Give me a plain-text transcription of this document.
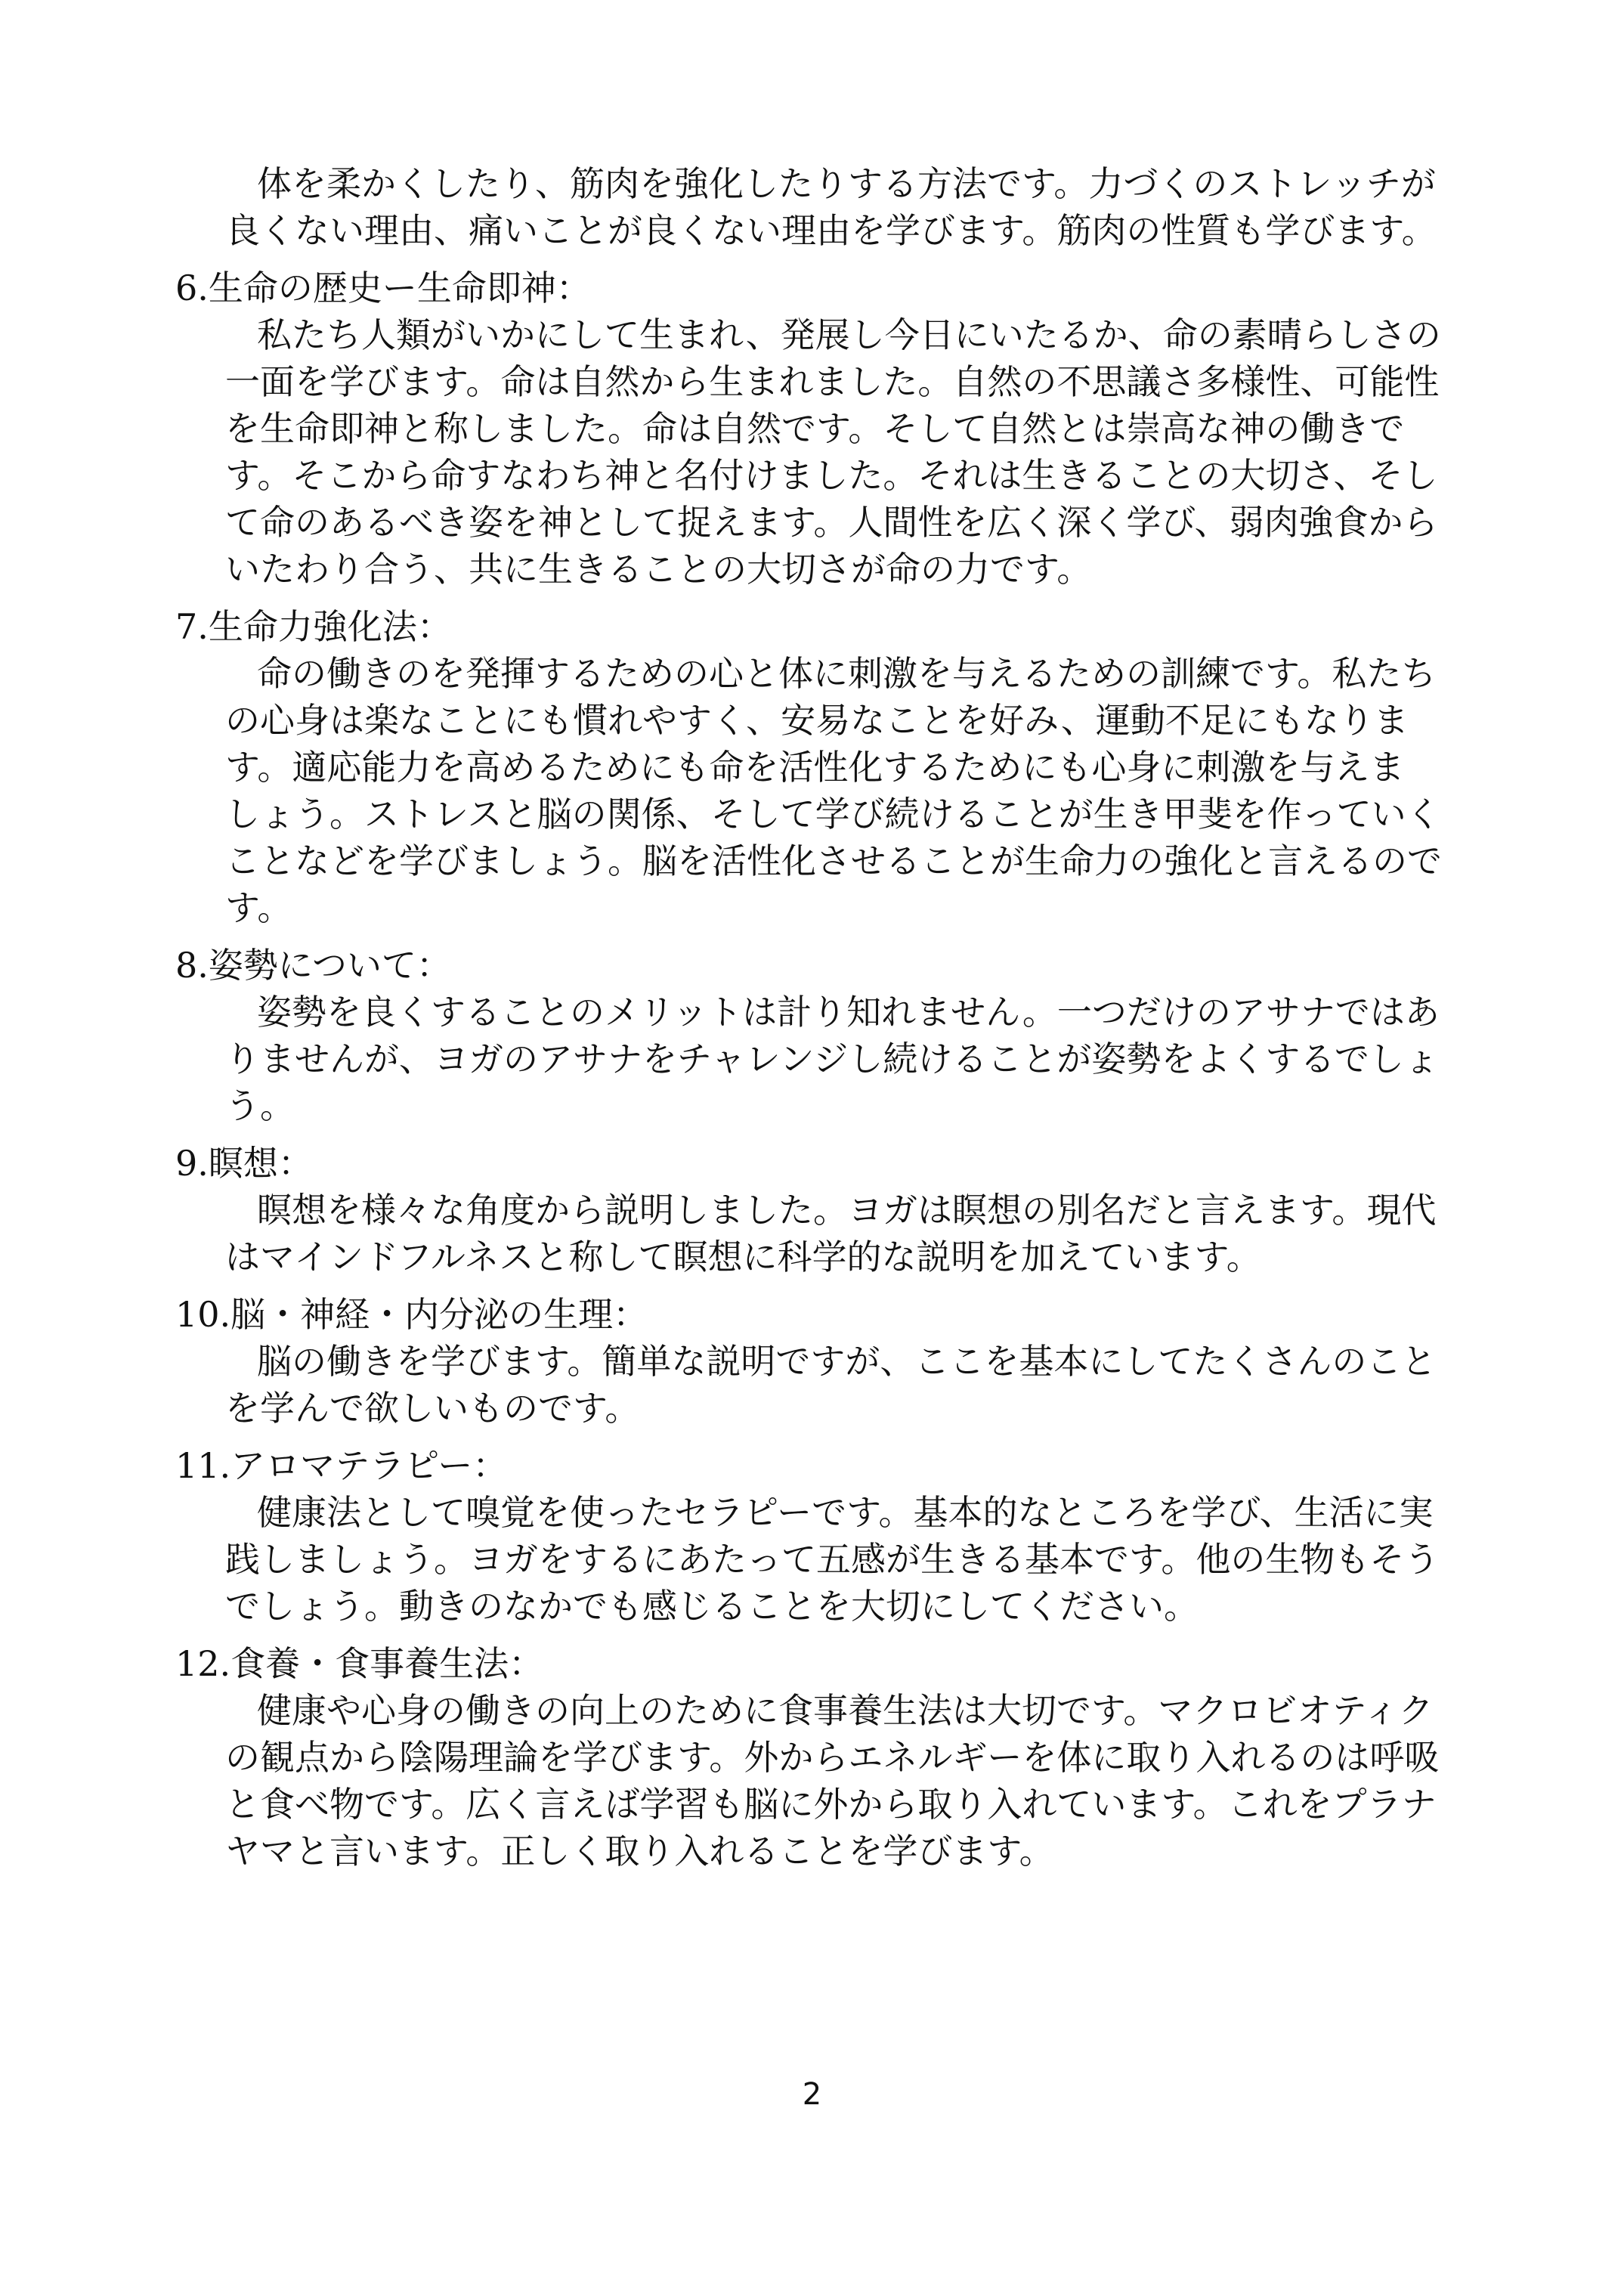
体を柔かくしたり、筋肉を強化したりする方法です。力づくのストレッチが
良くない理由、痛いことが良くない理由を学びます。筋肉の性質も学びます。
6.生命の歴史ー生命即神：
私たち人類がいかにして生まれ、発展し今日にいたるか、命の素晴らしさの
一面を学びます。命は自然から生まれました。自然の不思議さ多様性、可能性
を生命即神と称しました。命は自然です。そして自然とは崇高な神の働きで
す。そこから命すなわち神と名付けました。それは生きることの大切さ、そし
て命のあるべき姿を神として捉えます。人間性を広く深く学び、弱肉強食から
いたわり合う、共に生きることの大切さが命の力です。
7.生命力強化法：
命の働きのを発揮するための心と体に刺激を与えるための訓練です。私たち
の心身は楽なことにも慣れやすく、安易なことを好み、運動不足にもなりま
す。適応能力を高めるためにも命を活性化するためにも心身に刺激を与えま
しょう。ストレスと脳の関係、そして学び続けることが生き甲斐を作っていく
ことなどを学びましょう。脳を活性化させることが生命力の強化と言えるので
す。
8.姿勢について：
姿勢を良くすることのメリットは計り知れません。一つだけのアサナではあ
りませんが、ヨガのアサナをチャレンジし続けることが姿勢をよくするでしょ
う。
9.瞑想：
瞑想を様々な角度から説明しました。ヨガは瞑想の別名だと言えます。現代
はマインドフルネスと称して瞑想に科学的な説明を加えています。
10.脳・神経・内分泌の生理：
脳の働きを学びます。簡単な説明ですが、ここを基本にしてたくさんのこと
を学んで欲しいものです。
11.アロマテラピー：
健康法として嗅覚を使ったセラピーです。基本的なところを学び、生活に実
践しましょう。ヨガをするにあたって五感が生きる基本です。他の生物もそう
でしょう。動きのなかでも感じることを大切にしてください。
12.食養・食事養生法：
健康や心身の働きの向上のために食事養生法は大切です。マクロビオティク
の観点から陰陽理論を学びます。外からエネルギーを体に取り入れるのは呼吸
と食べ物です。広く言えば学習も脳に外から取り入れています。これをプラナ
ヤマと言います。正しく取り入れることを学びます。
2
